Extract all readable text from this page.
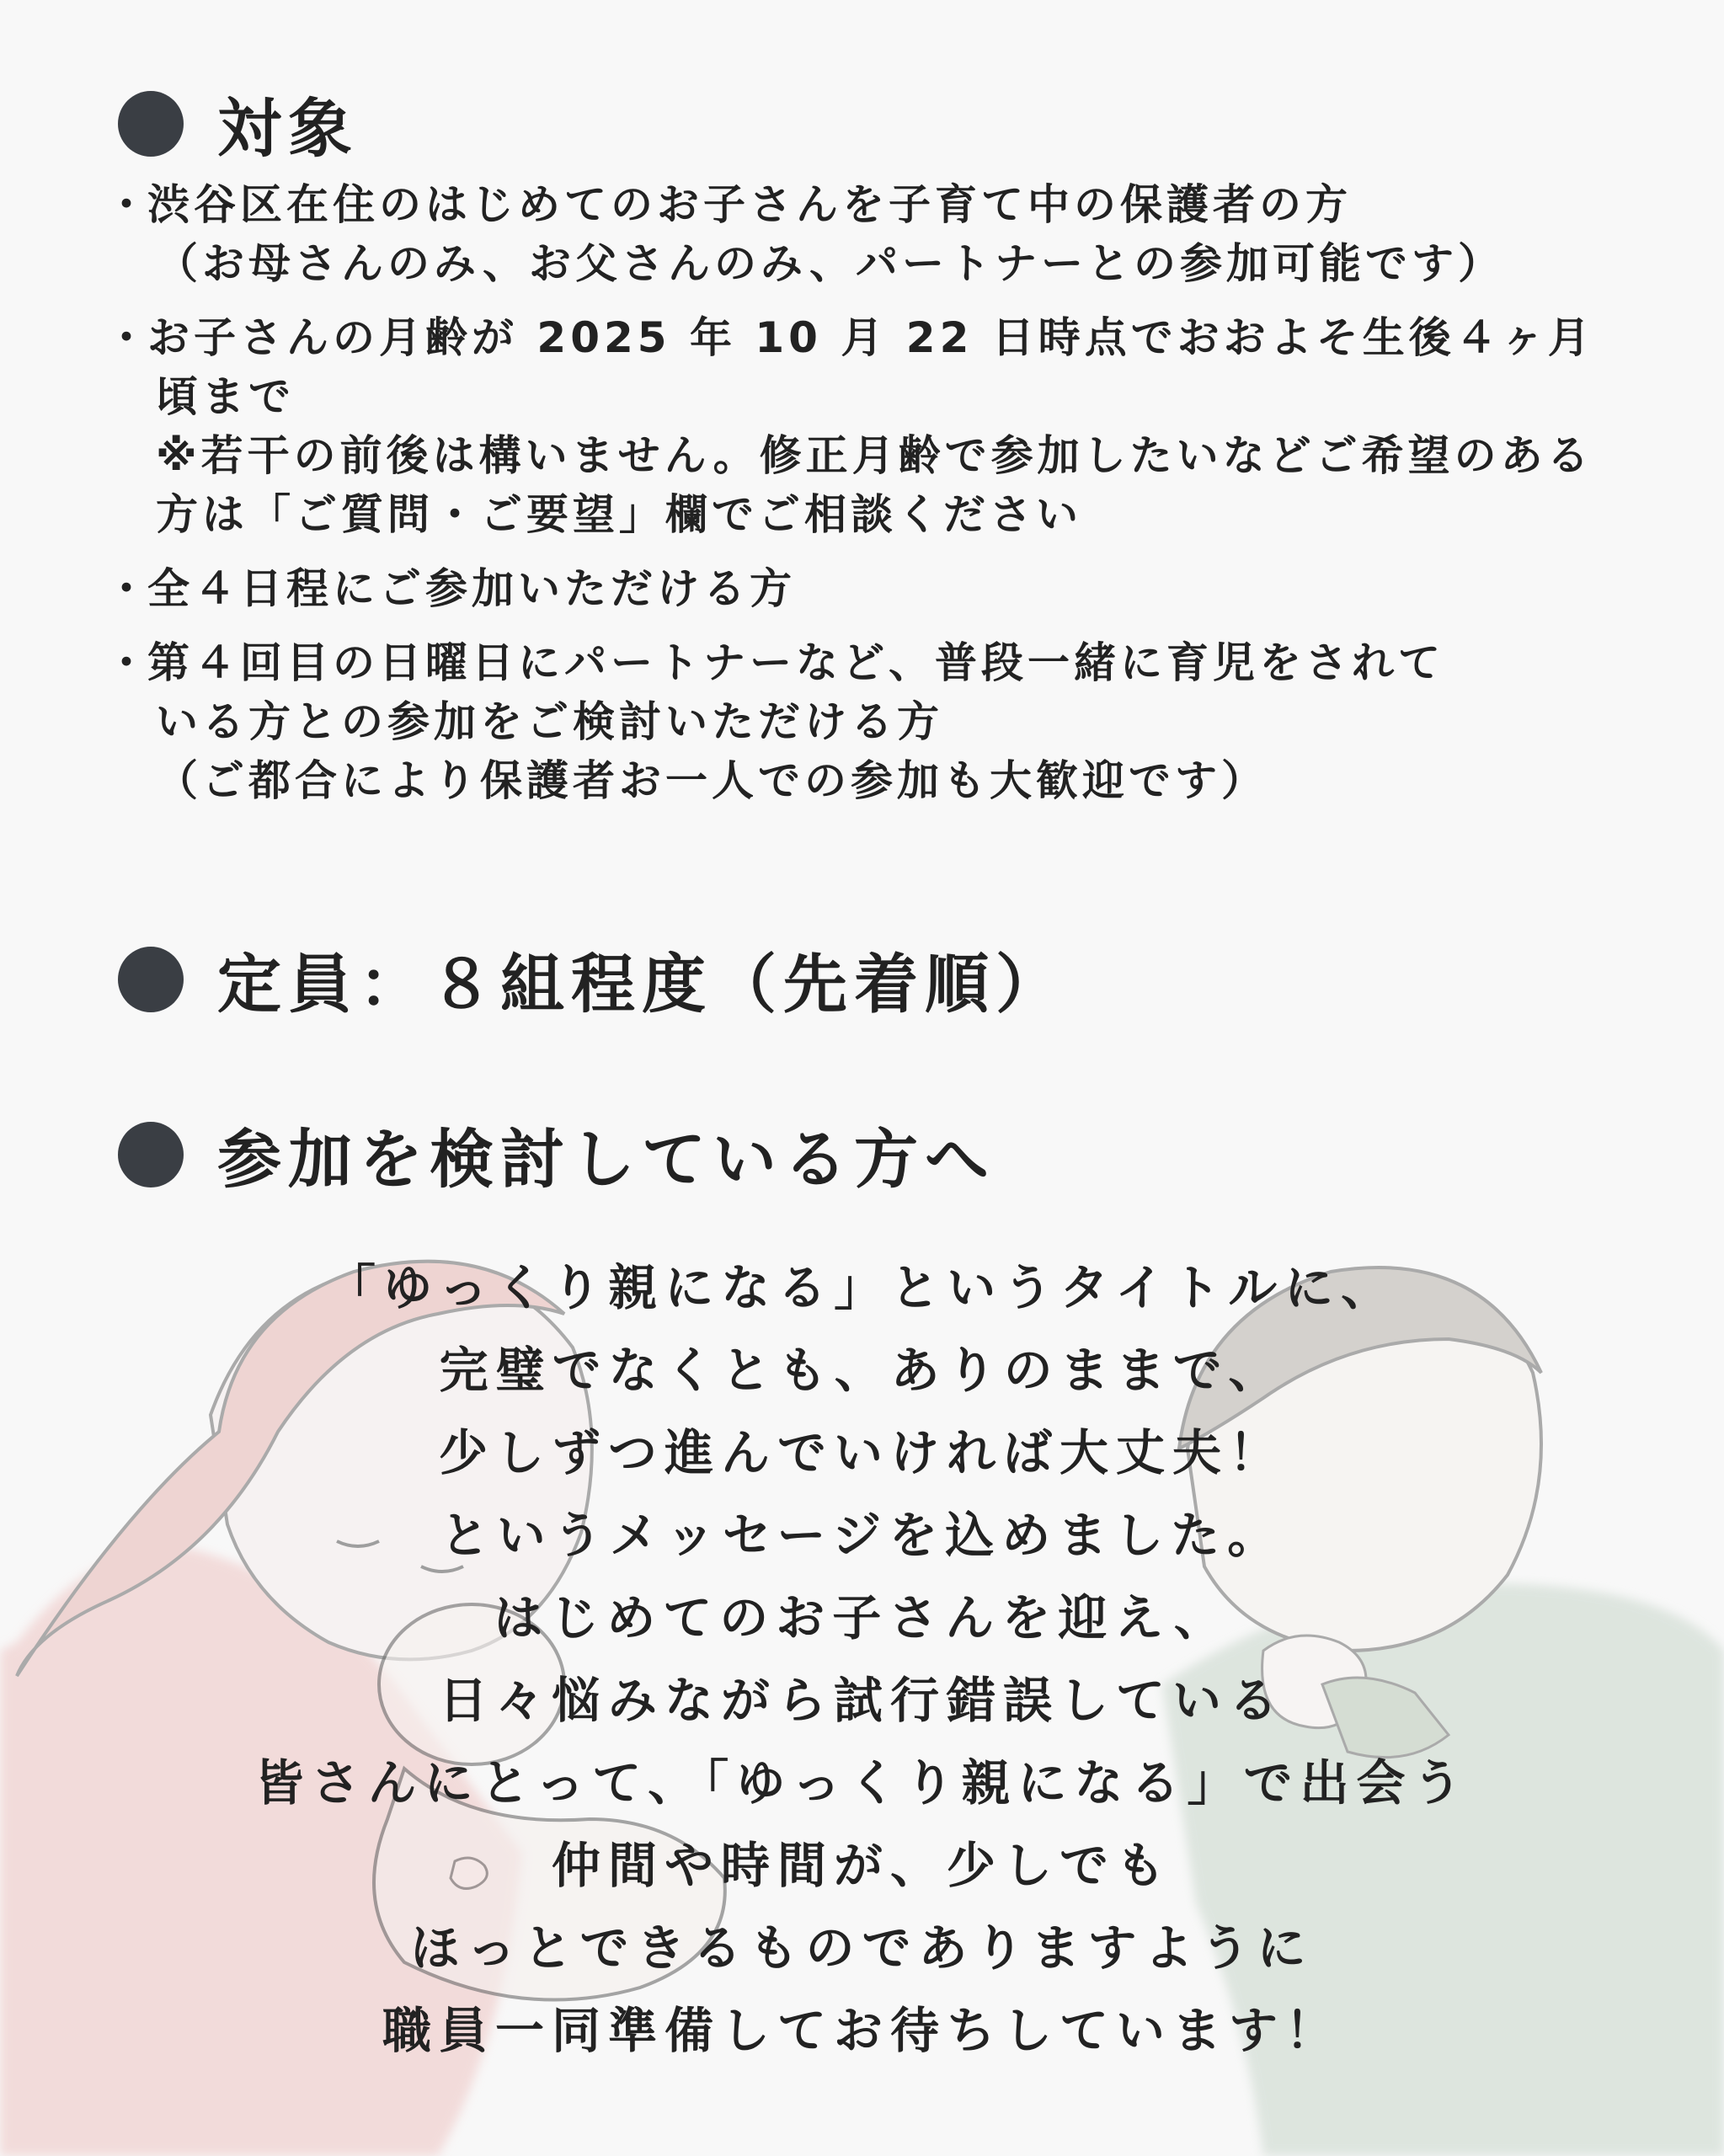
対象
・ 渋谷区在住のはじめてのお子さんを子育て中の保護者の方
（お母さんのみ、お父さんのみ、パートナーとの参加可能です）
・ お子さんの月齢が 2025 年 10 月 22 日時点でおおよそ生後４ヶ月
頃まで
※若干の前後は構いません。修正月齢で参加したいなどご希望のある
方は「ご質問・ご要望」欄でご相談ください
・ 全４日程にご参加いただける方
・ 第４回目の日曜日にパートナーなど、普段一緒に育児をされて
いる方との参加をご検討いただける方
（ご都合により保護者お一人での参加も大歓迎です）
定員：８組程度（先着順）
参加を検討している方へ
「ゆっくり親になる」というタイトルに、
完璧でなくとも、ありのままで、
少しずつ進んでいければ大丈夫！
というメッセージを込めました。
はじめてのお子さんを迎え、
日々悩みながら試行錯誤している
皆さんにとって、「ゆっくり親になる」で出会う
仲間や時間が、少しでも
ほっとできるものでありますように
職員一同準備してお待ちしています！
